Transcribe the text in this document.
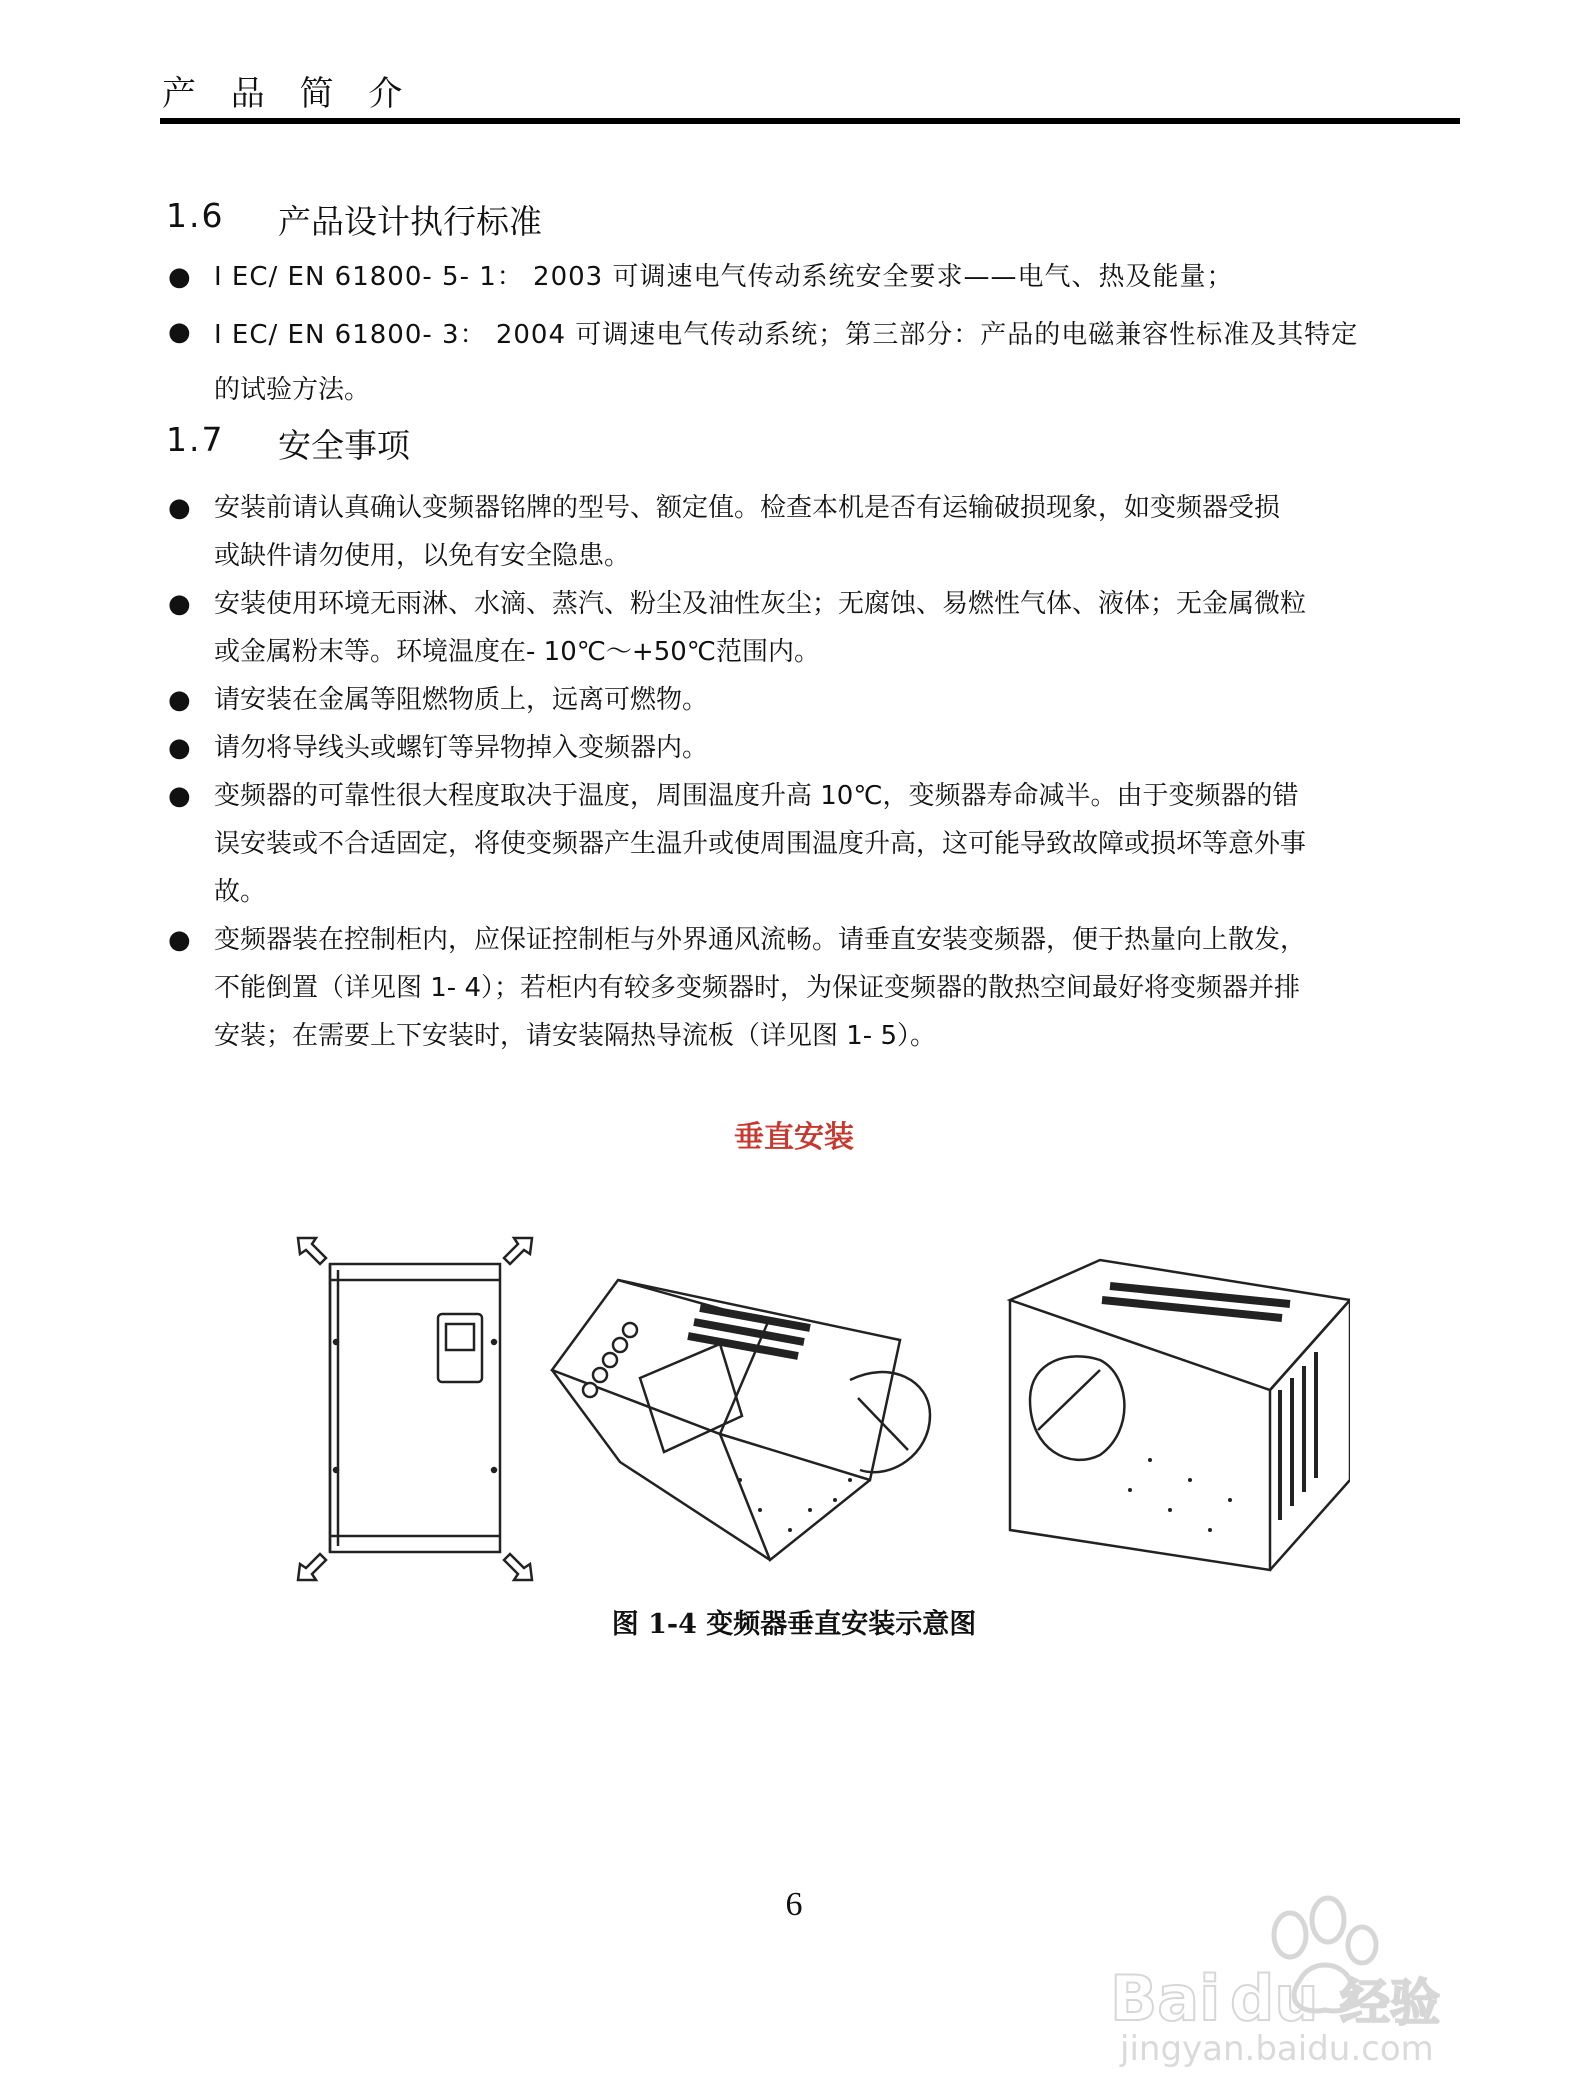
产 品 简 介
1.6	产品设计执行标准
● I EC/ EN 61800- 5- 1： 2003 可调速电气传动系统安全要求——电气、热及能量；
● I EC/ EN 61800- 3： 2004 可调速电气传动系统；第三部分：产品的电磁兼容性标准及其特定
的试验方法。
1.7	安全事项
● 安装前请认真确认变频器铭牌的型号、额定值。检查本机是否有运输破损现象，如变频器受损
或缺件请勿使用，以免有安全隐患。
● 安装使用环境无雨淋、水滴、蒸汽、粉尘及油性灰尘；无腐蚀、易燃性气体、液体；无金属微粒
或金属粉末等。环境温度在- 10℃～+50℃范围内。
● 请安装在金属等阻燃物质上，远离可燃物。
● 请勿将导线头或螺钉等异物掉入变频器内。
● 变频器的可靠性很大程度取决于温度，周围温度升高 10℃，变频器寿命减半。由于变频器的错
误安装或不合适固定，将使变频器产生温升或使周围温度升高，这可能导致故障或损坏等意外事
故。
● 变频器装在控制柜内，应保证控制柜与外界通风流畅。请垂直安装变频器，便于热量向上散发，
不能倒置（详见图 1- 4）；若柜内有较多变频器时，为保证变频器的散热空间最好将变频器并排
安装；在需要上下安装时，请安装隔热导流板（详见图 1- 5）。
垂直安装
图 1-4 变频器垂直安装示意图
6
Bai du 经验
jingyan.baidu.com
